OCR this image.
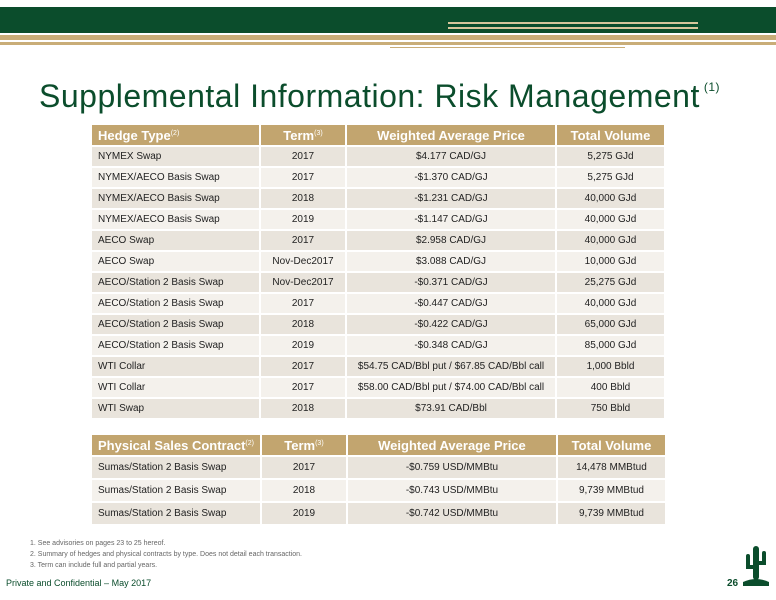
Supplemental Information: Risk Management $^{(1)}$
Hedge Type$^{(2)}$	Term$^{(3)}$	Weighted Average Price	Total Volume
NYMEX Swap	2017	$4.177 CAD/GJ	5,275 GJd
NYMEX/AECO Basis Swap	2017	-$1.370 CAD/GJ	5,275 GJd
NYMEX/AECO Basis Swap	2018	-$1.231 CAD/GJ	40,000 GJd
NYMEX/AECO Basis Swap	2019	-$1.147 CAD/GJ	40,000 GJd
AECO Swap	2017	$2.958 CAD/GJ	40,000 GJd
AECO Swap	Nov-Dec2017	$3.088 CAD/GJ	10,000 GJd
AECO/Station 2 Basis Swap	Nov-Dec2017	-$0.371 CAD/GJ	25,275 GJd
AECO/Station 2 Basis Swap	2017	-$0.447 CAD/GJ	40,000 GJd
AECO/Station 2 Basis Swap	2018	-$0.422 CAD/GJ	65,000 GJd
AECO/Station 2 Basis Swap	2019	-$0.348 CAD/GJ	85,000 GJd
WTI Collar	2017	$54.75 CAD/Bbl put / $67.85 CAD/Bbl call	1,000 Bbld
WTI Collar	2017	$58.00 CAD/Bbl put / $74.00 CAD/Bbl call	400 Bbld
WTI Swap	2018	$73.91 CAD/Bbl	750 Bbld
Physical Sales Contract$^{(2)}$	Term$^{(3)}$	Weighted Average Price	Total Volume
Sumas/Station 2 Basis Swap	2017	-$0.759 USD/MMBtu	14,478 MMBtud
Sumas/Station 2 Basis Swap	2018	-$0.743 USD/MMBtu	9,739 MMBtud
Sumas/Station 2 Basis Swap	2019	-$0.742 USD/MMBtu	9,739 MMBtud
1. See advisories on pages 23 to 25 hereof.
2. Summary of hedges and physical contracts by type. Does not detail each transaction.
3. Term can include full and partial years.
Private and Confidential – May 2017	26
